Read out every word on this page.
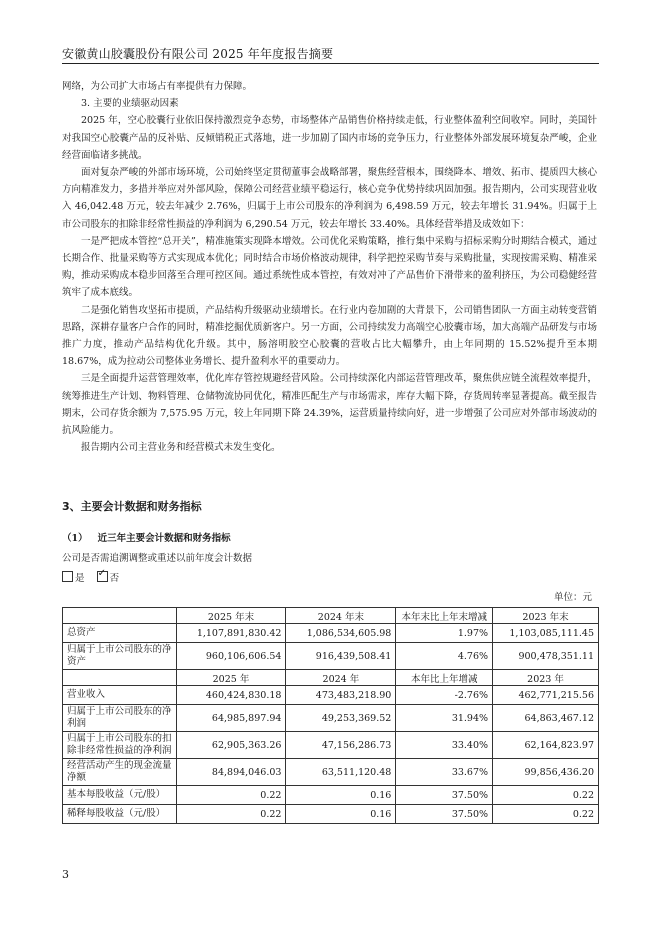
安徽黄山胶囊股份有限公司 2025 年年度报告摘要

网络，为公司扩大市场占有率提供有力保障。

3. 主要的业绩驱动因素

2025 年，空心胶囊行业依旧保持激烈竞争态势，市场整体产品销售价格持续走低，行业整体盈利空间收窄。同时，美国针对我国空心胶囊产品的反补贴、反倾销税正式落地，进一步加剧了国内市场的竞争压力，行业整体外部发展环境复杂严峻，企业经营面临诸多挑战。

面对复杂严峻的外部市场环境，公司始终坚定贯彻董事会战略部署，聚焦经营根本，围绕降本、增效、拓市、提质四大核心方向精准发力，多措并举应对外部风险，保障公司经营业绩平稳运行，核心竞争优势持续巩固加强。报告期内，公司实现营业收入 46,042.48 万元，较去年减少 2.76%，归属于上市公司股东的净利润为 6,498.59 万元，较去年增长 31.94%。归属于上市公司股东的扣除非经常性损益的净利润为 6,290.54 万元，较去年增长 33.40%。具体经营举措及成效如下：

一是严把成本管控“总开关”，精准施策实现降本增效。公司优化采购策略，推行集中采购与招标采购分时期结合模式，通过长期合作、批量采购等方式实现成本优化；同时结合市场价格波动规律，科学把控采购节奏与采购批量，实现按需采购、精准采购，推动采购成本稳步回落至合理可控区间。通过系统性成本管控，有效对冲了产品售价下滑带来的盈利挤压，为公司稳健经营筑牢了成本底线。

二是强化销售攻坚拓市提质，产品结构升级驱动业绩增长。在行业内卷加剧的大背景下，公司销售团队一方面主动转变营销思路，深耕存量客户合作的同时，精准挖掘优质新客户。另一方面，公司持续发力高端空心胶囊市场，加大高端产品研发与市场推广力度，推动产品结构优化升级。其中，肠溶明胶空心胶囊的营收占比大幅攀升，由上年同期的 15.52%提升至本期 18.67%，成为拉动公司整体业务增长、提升盈利水平的重要动力。

三是全面提升运营管理效率，优化库存管控规避经营风险。公司持续深化内部运营管理改革，聚焦供应链全流程效率提升，统筹推进生产计划、物料管理、仓储物流协同优化，精准匹配生产与市场需求，库存大幅下降，存货周转率显著提高。截至报告期末，公司存货余额为 7,575.95 万元，较上年同期下降 24.39%，运营质量持续向好，进一步增强了公司应对外部市场波动的抗风险能力。

报告期内公司主营业务和经营模式未发生变化。

3、主要会计数据和财务指标
（1） 近三年主要会计数据和财务指标
公司是否需追溯调整或重述以前年度会计数据
是 ✓	否
单位：元
	2025 年末	2024 年末	本年末比上年末增减	2023 年末
总资产	1,107,891,830.42	1,086,534,605.98	1.97%	1,103,085,111.45
归属于上市公司股东的净资产	960,106,606.54	916,439,508.41	4.76%	900,478,351.11
	2025 年	2024 年	本年比上年增减	2023 年
营业收入	460,424,830.18	473,483,218.90	-2.76%	462,771,215.56
归属于上市公司股东的净利润	64,985,897.94	49,253,369.52	31.94%	64,863,467.12
归属于上市公司股东的扣除非经常性损益的净利润	62,905,363.26	47,156,286.73	33.40%	62,164,823.97
经营活动产生的现金流量净额	84,894,046.03	63,511,120.48	33.67%	99,856,436.20
基本每股收益（元/股）	0.22	0.16	37.50%	0.22
稀释每股收益（元/股）	0.22	0.16	37.50%	0.22
3
